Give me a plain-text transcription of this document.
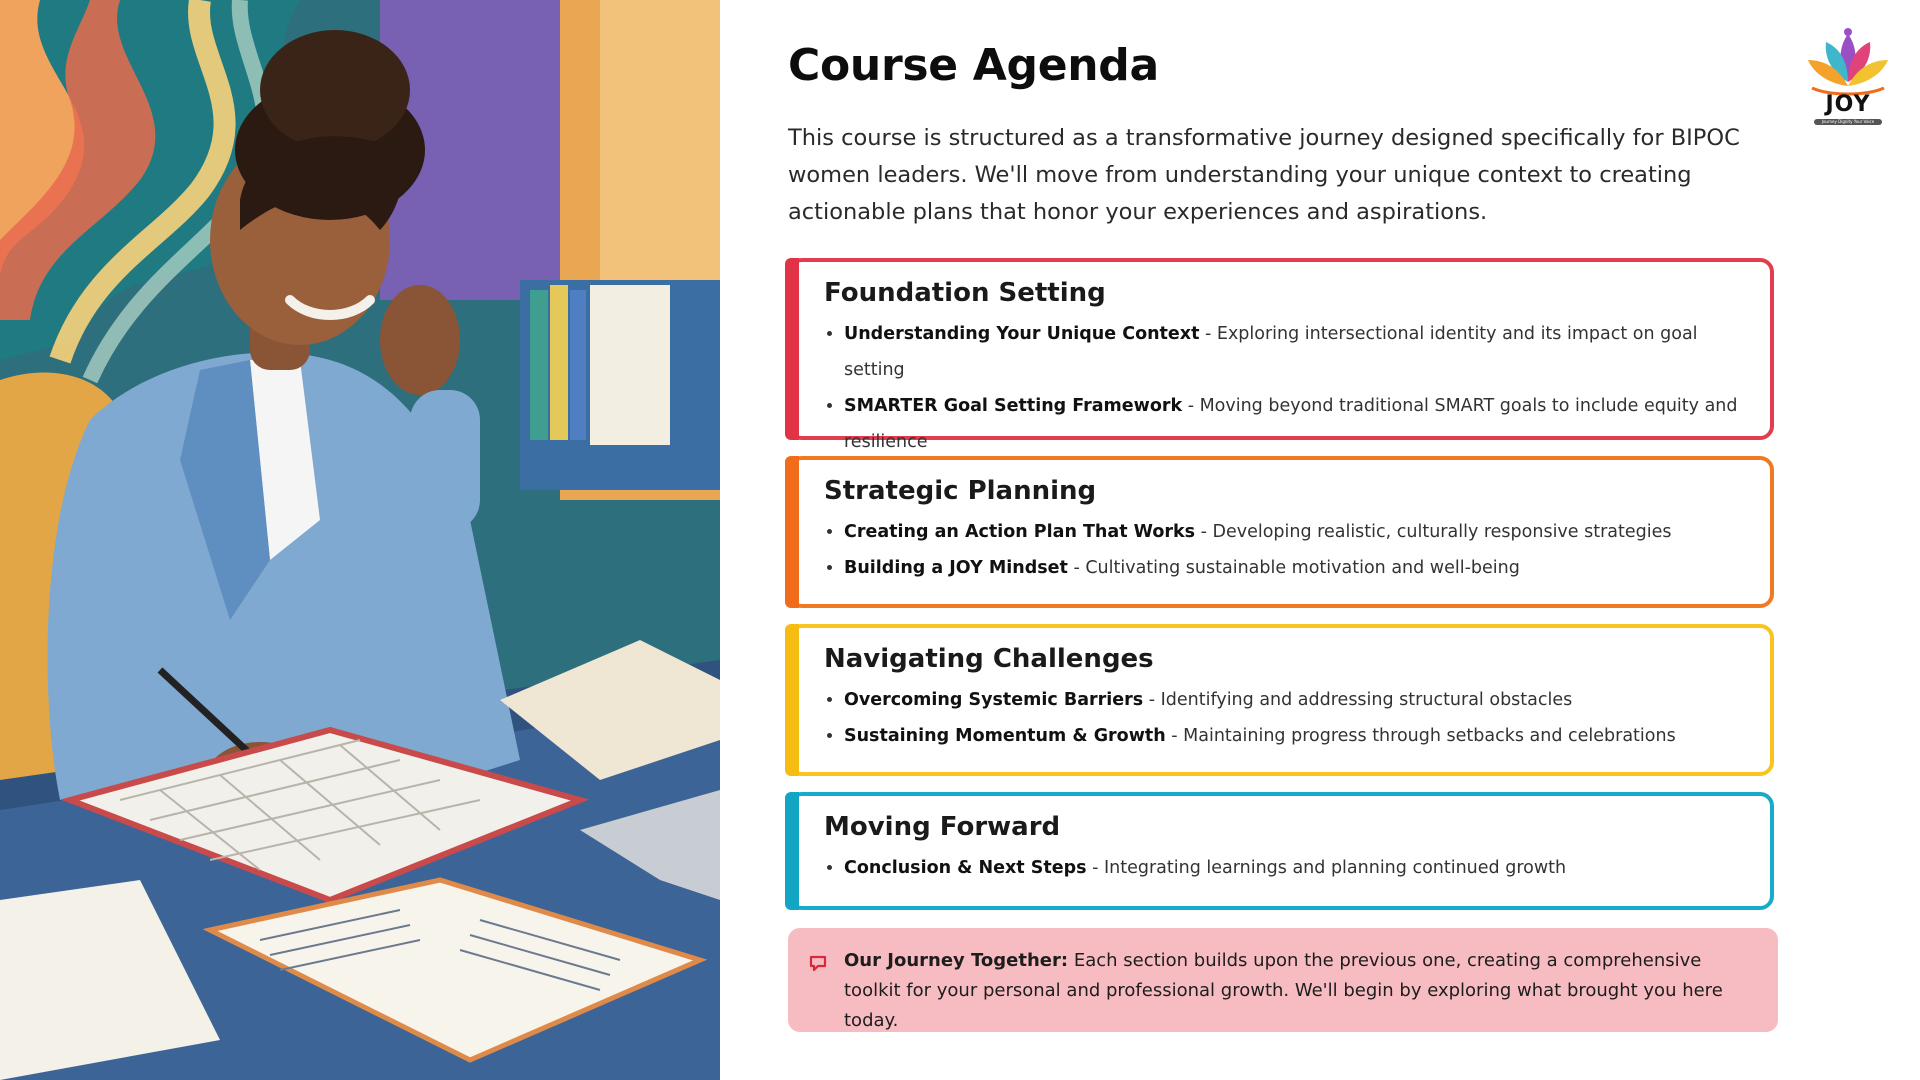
JOY
Journey Dignity Your Voice
Course Agenda

This course is structured as a transformative journey designed specifically for BIPOC women leaders. We'll move from understanding your unique context to creating actionable plans that honor your experiences and aspirations.

Foundation Setting
• Understanding Your Unique Context - Exploring intersectional identity and its impact on goal setting
• SMARTER Goal Setting Framework - Moving beyond traditional SMART goals to include equity and resilience
Strategic Planning
• Creating an Action Plan That Works - Developing realistic, culturally responsive strategies
• Building a JOY Mindset - Cultivating sustainable motivation and well-being
Navigating Challenges
• Overcoming Systemic Barriers - Identifying and addressing structural obstacles
• Sustaining Momentum & Growth - Maintaining progress through setbacks and celebrations
Moving Forward
• Conclusion & Next Steps - Integrating learnings and planning continued growth
Our Journey Together: Each section builds upon the previous one, creating a comprehensive toolkit for your personal and professional growth. We'll begin by exploring what brought you here today.
